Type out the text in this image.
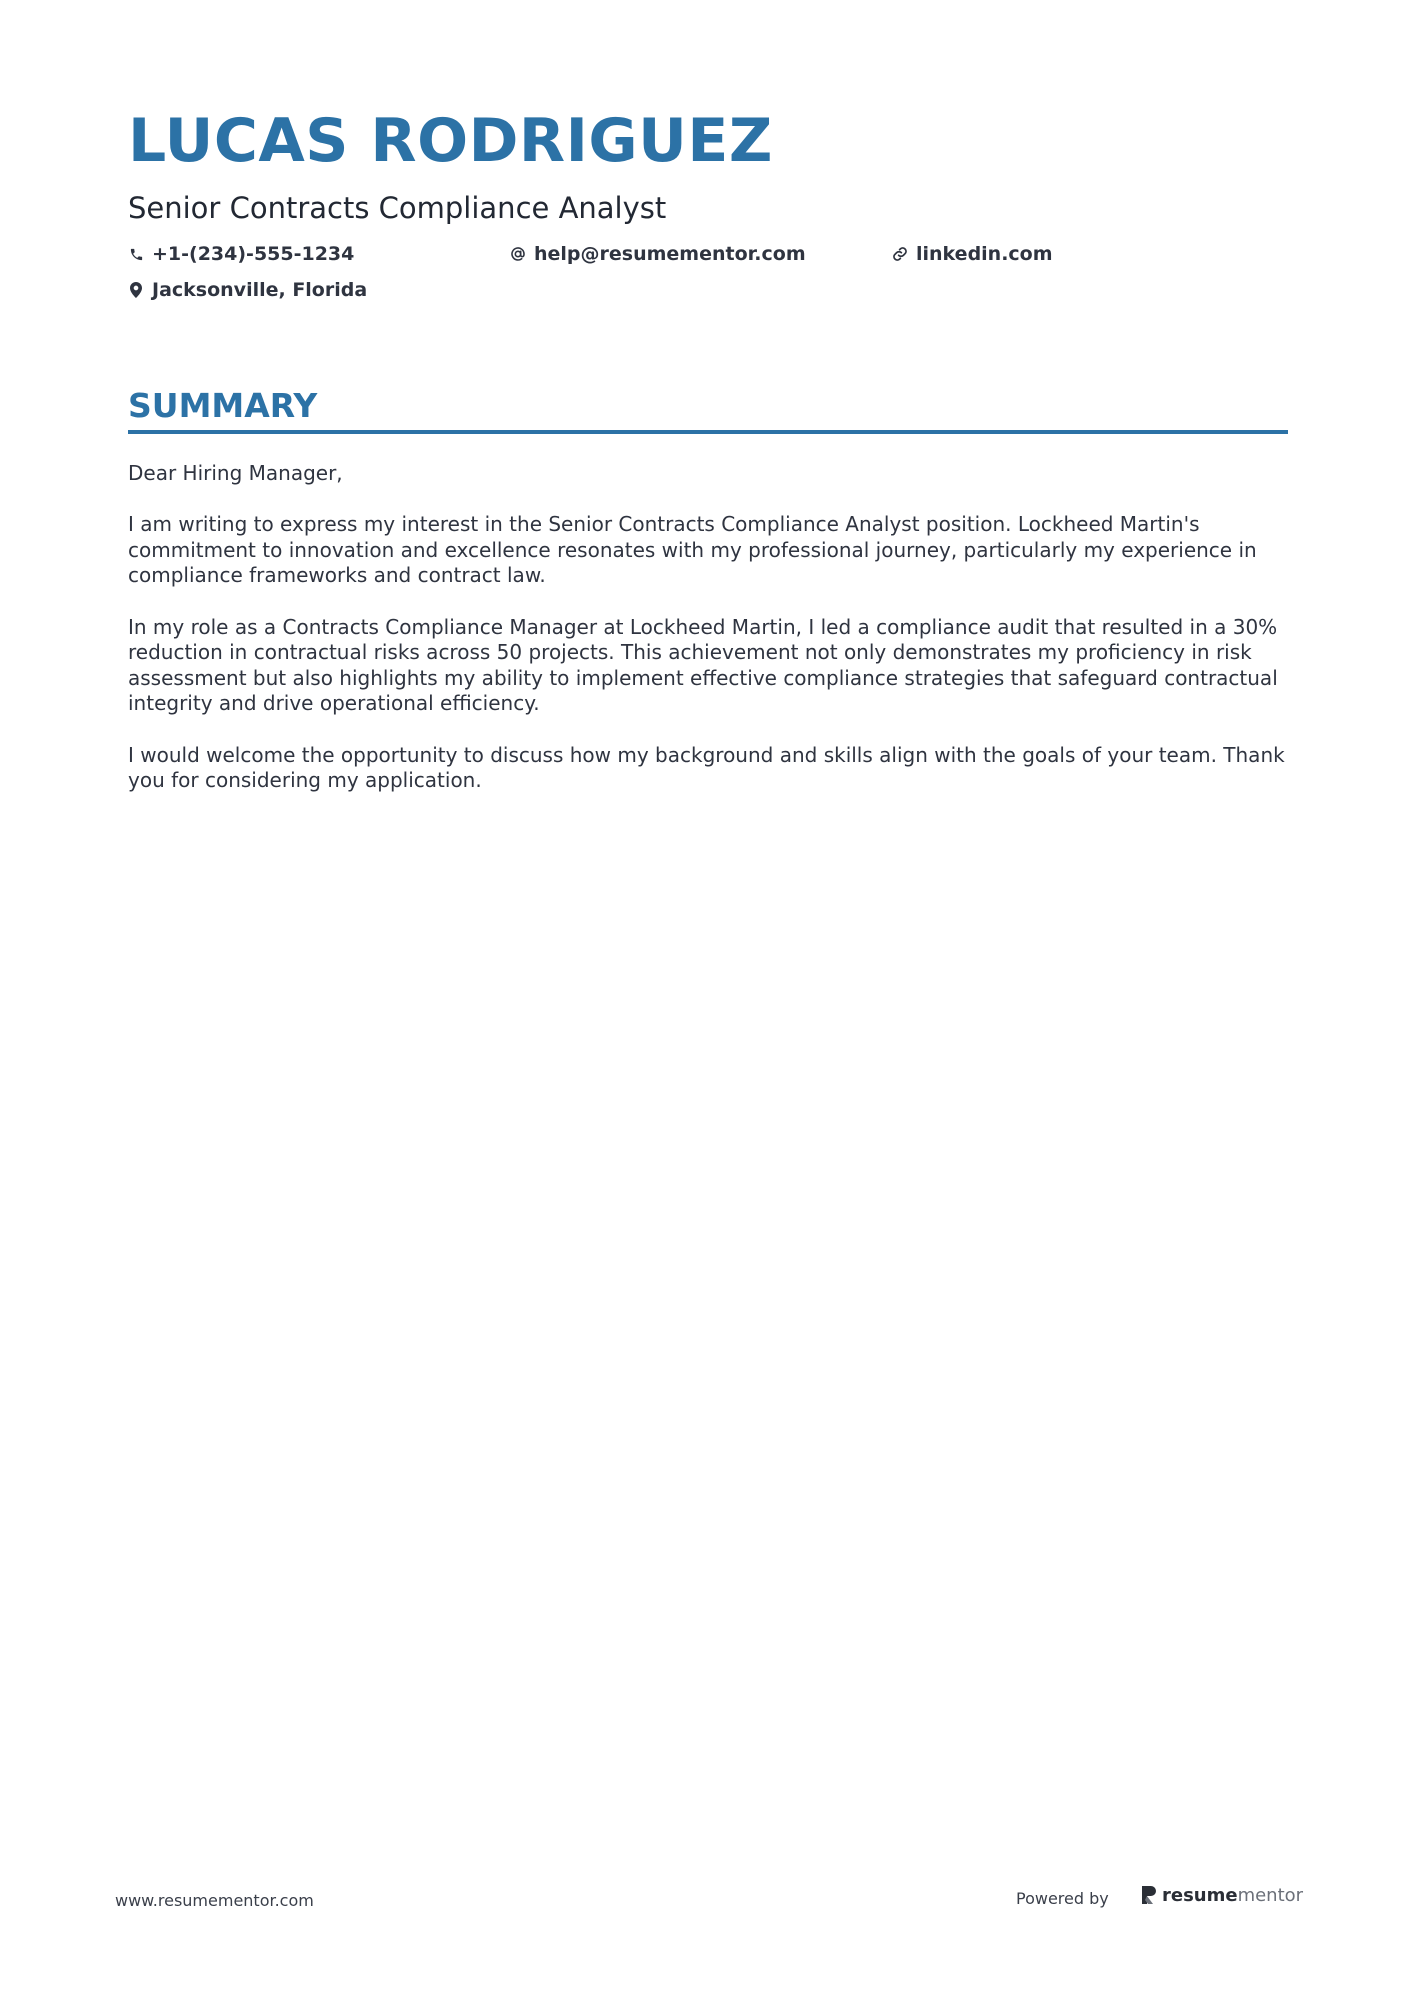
LUCAS RODRIGUEZ
Senior Contracts Compliance Analyst
+1-(234)-555-1234	help@resumementor.com	linkedin.com
Jacksonville, Florida
SUMMARY

Dear Hiring Manager,

I am writing to express my interest in the Senior Contracts Compliance Analyst position. Lockheed Martin's commitment to innovation and excellence resonates with my professional journey, particularly my experience in compliance frameworks and contract law.

In my role as a Contracts Compliance Manager at Lockheed Martin, I led a compliance audit that resulted in a 30% reduction in contractual risks across 50 projects. This achievement not only demonstrates my proficiency in risk assessment but also highlights my ability to implement effective compliance strategies that safeguard contractual integrity and drive operational efficiency.

I would welcome the opportunity to discuss how my background and skills align with the goals of your team. Thank you for considering my application.

www.resumementor.com	Powered by	resume mentor
